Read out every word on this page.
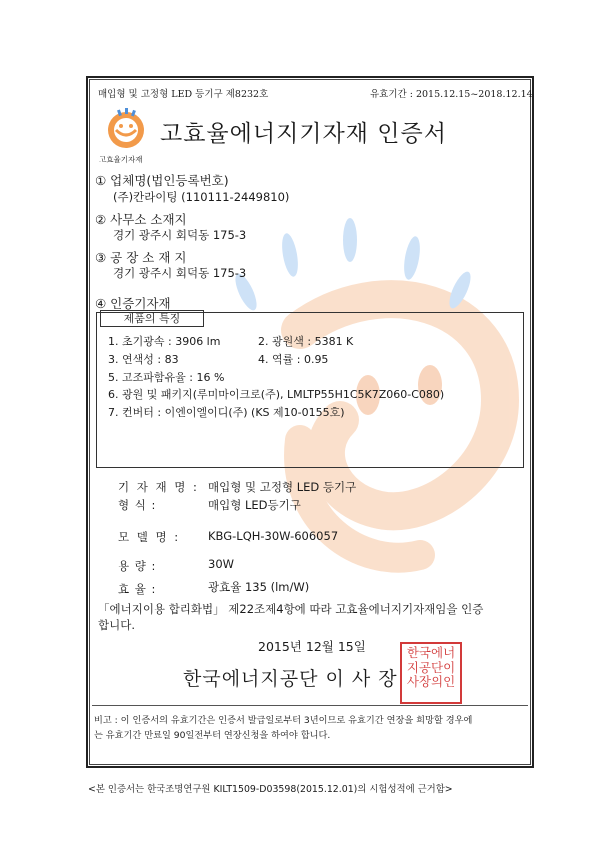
매입형 및 고정형 LED 등기구 제8232호	유효기간 : 2015.12.15~2018.12.14
고효율기자재
고효율에너지기자재 인증서
① 업체명(법인등록번호)
(주)칸라이팅 (110111-2449810)
② 사무소 소재지
경기 광주시 회덕동 175-3
③ 공 장 소 재 지
경기 광주시 회덕동 175-3
④ 인증기자재
제품의 특징
1. 초기광속 : 3906 lm	2. 광원색 : 5381 K
3. 연색성 : 83	4. 역률 : 0.95
5. 고조파함유율 : 16 %
6. 광원 및 패키지(루미마이크로(주), LMLTP55H1C5K7Z060-C080)
7. 컨버터 : 이엔이엘이디(주) (KS 제10-0155호)
기 자 재 명 : 매입형 및 고정형 LED 등기구
형 식 :	매입형 LED등기구
모 델 명 : KBG-LQH-30W-606057
용 량 :	30W
효 율 :	광효율 135 (lm/W)
「에너지이용 합리화법」 제22조제4항에 따라 고효율에너지기자재임을 인증
합니다.
2015년 12월 15일
한국에너지공단 이 사 장
한국에너
지공단이
사장의인
비고 : 이 인증서의 유효기간은 인증서 발급일로부터 3년이므로 유효기간 연장을 희망할 경우에
는 유효기간 만료일 90일전부터 연장신청을 하여야 합니다.
<본 인증서는 한국조명연구원 KILT1509-D03598(2015.12.01)의 시험성적에 근거함>
